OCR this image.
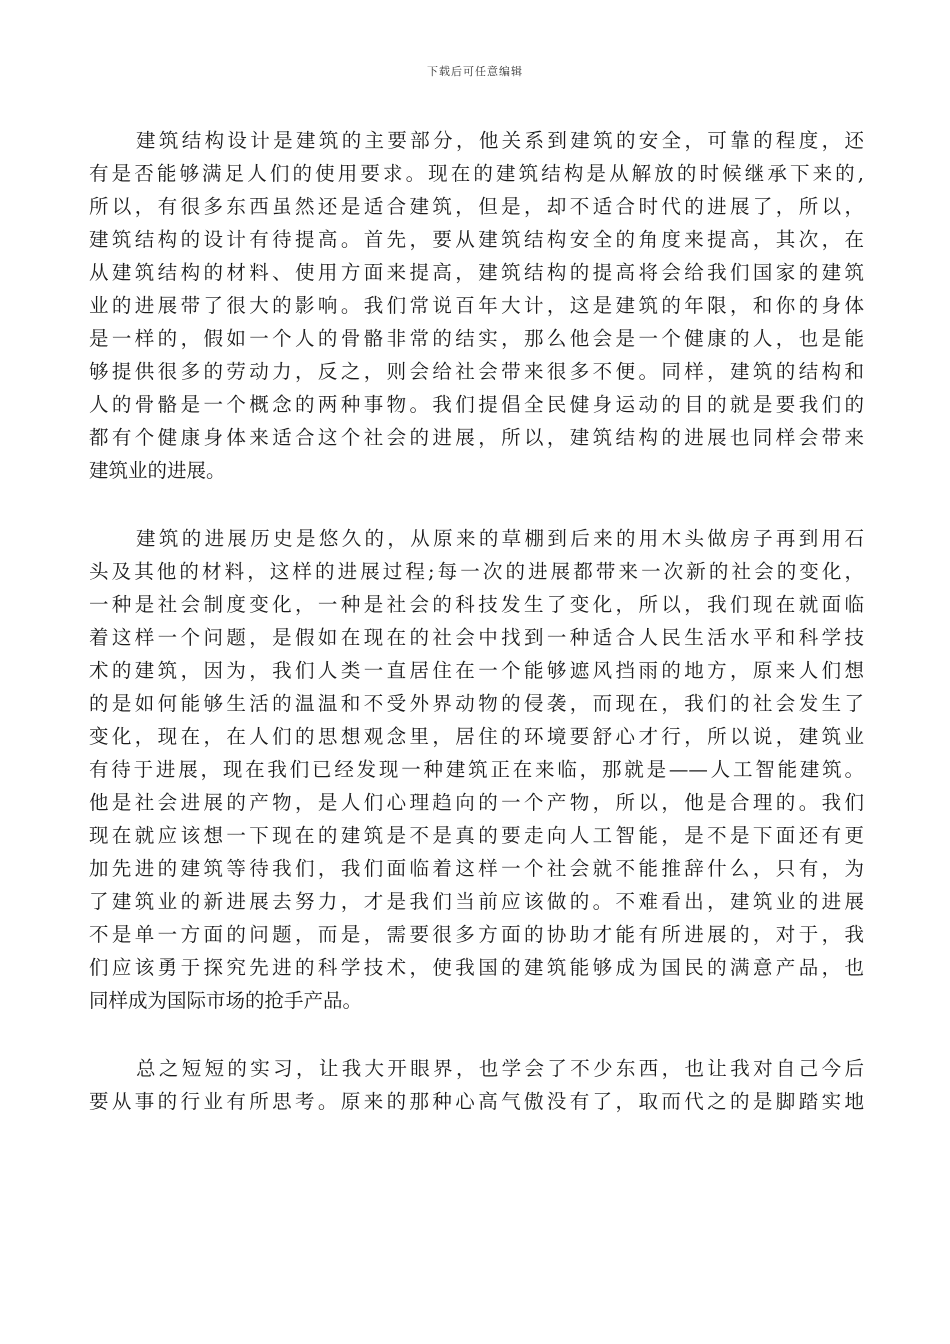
下载后可任意编辑
建筑结构设计是建筑的主要部分，他关系到建筑的安全，可靠的程度，还
有是否能够满足人们的使用要求。现在的建筑结构是从解放的时候继承下来的,
所以，有很多东西虽然还是适合建筑，但是，却不适合时代的进展了，所以，
建筑结构的设计有待提高。首先，要从建筑结构安全的角度来提高，其次，在
从建筑结构的材料、使用方面来提高，建筑结构的提高将会给我们国家的建筑
业的进展带了很大的影响。我们常说百年大计，这是建筑的年限，和你的身体
是一样的，假如一个人的骨骼非常的结实，那么他会是一个健康的人，也是能
够提供很多的劳动力，反之，则会给社会带来很多不便。同样，建筑的结构和
人的骨骼是一个概念的两种事物。我们提倡全民健身运动的目的就是要我们的
都有个健康身体来适合这个社会的进展，所以，建筑结构的进展也同样会带来
建筑业的进展。
建筑的进展历史是悠久的，从原来的草棚到后来的用木头做房子再到用石
头及其他的材料，这样的进展过程;每一次的进展都带来一次新的社会的变化，
一种是社会制度变化，一种是社会的科技发生了变化，所以，我们现在就面临
着这样一个问题，是假如在现在的社会中找到一种适合人民生活水平和科学技
术的建筑，因为，我们人类一直居住在一个能够遮风挡雨的地方，原来人们想
的是如何能够生活的温温和不受外界动物的侵袭，而现在，我们的社会发生了
变化，现在，在人们的思想观念里，居住的环境要舒心才行，所以说，建筑业
有待于进展，现在我们已经发现一种建筑正在来临，那就是——人工智能建筑。
他是社会进展的产物，是人们心理趋向的一个产物，所以，他是合理的。我们
现在就应该想一下现在的建筑是不是真的要走向人工智能，是不是下面还有更
加先进的建筑等待我们，我们面临着这样一个社会就不能推辞什么，只有，为
了建筑业的新进展去努力，才是我们当前应该做的。不难看出，建筑业的进展
不是单一方面的问题，而是，需要很多方面的协助才能有所进展的，对于，我
们应该勇于探究先进的科学技术，使我国的建筑能够成为国民的满意产品，也
同样成为国际市场的抢手产品。
总之短短的实习，让我大开眼界，也学会了不少东西，也让我对自己今后
要从事的行业有所思考。原来的那种心高气傲没有了，取而代之的是脚踏实地
